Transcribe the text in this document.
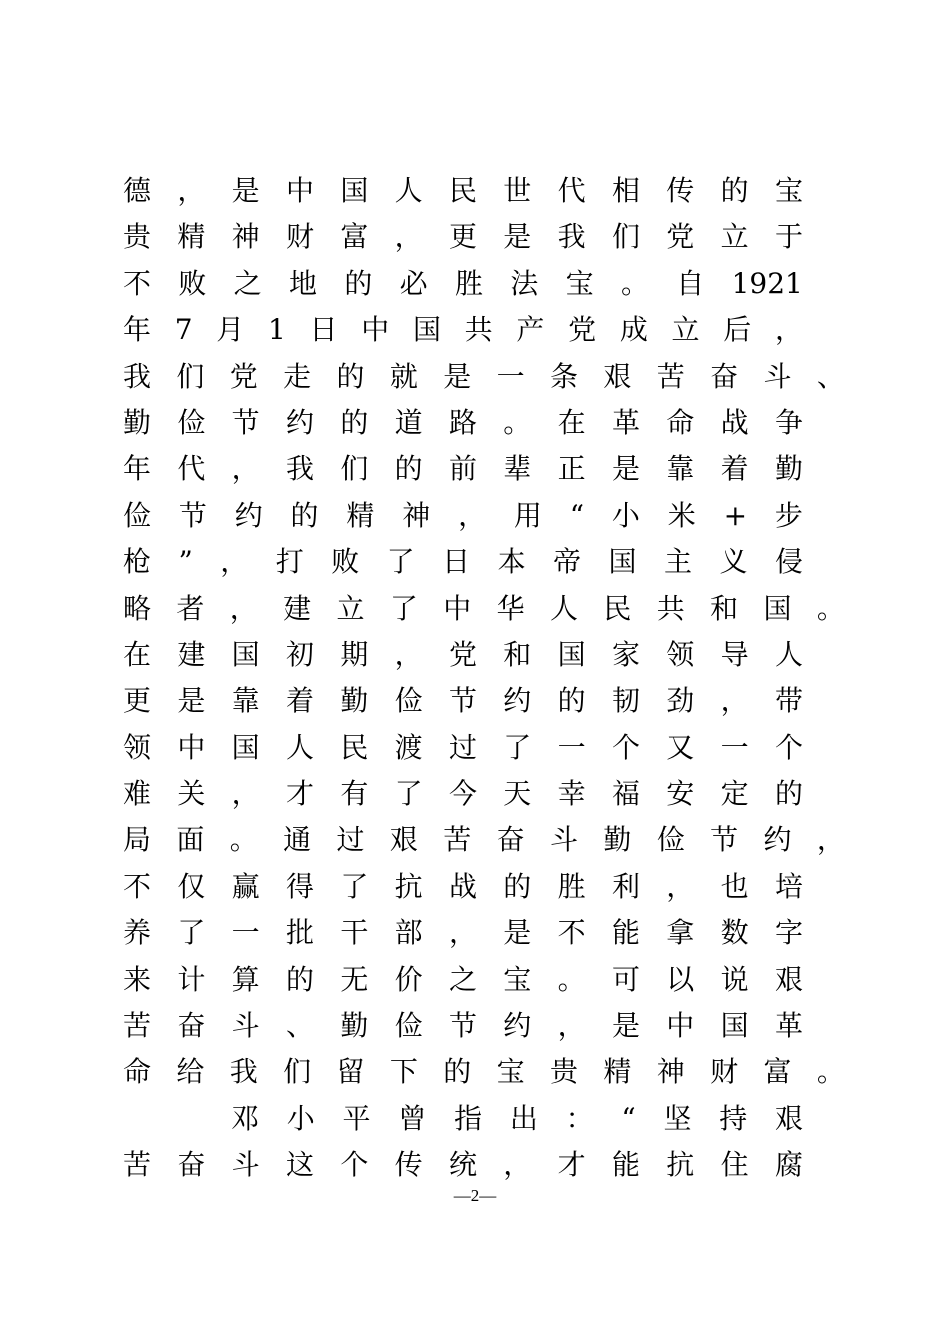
德 ， 是 中 国 人 民 世 代 相 传 的 宝
贵 精 神 财 富 ， 更 是 我 们 党 立 于
不 败 之 地 的 必 胜 法 宝 。 自 1921
年 7 月 1 日 中 国 共 产 党 成 立 后 ，
我 们 党 走 的 就 是 一 条 艰 苦 奋 斗 、
勤 俭 节 约 的 道 路 。 在 革 命 战 争
年 代 ， 我 们 的 前 辈 正 是 靠 着 勤
俭 节 约 的 精 神 ， 用 “ 小 米 + 步
枪 ” ， 打 败 了 日 本 帝 国 主 义 侵
略 者 ， 建 立 了 中 华 人 民 共 和 国 。
在 建 国 初 期 ， 党 和 国 家 领 导 人
更 是 靠 着 勤 俭 节 约 的 韧 劲 ， 带
领 中 国 人 民 渡 过 了 一 个 又 一 个
难 关 ， 才 有 了 今 天 幸 福 安 定 的
局 面 。 通 过 艰 苦 奋 斗 勤 俭 节 约 ，
不 仅 赢 得 了 抗 战 的 胜 利 ， 也 培
养 了 一 批 干 部 ， 是 不 能 拿 数 字
来 计 算 的 无 价 之 宝 。 可 以 说 艰
苦 奋 斗 、 勤 俭 节 约 ， 是 中 国 革
命 给 我 们 留 下 的 宝 贵 精 神 财 富 。
邓 小 平 曾 指 出 ： “ 坚 持 艰
苦 奋 斗 这 个 传 统 ， 才 能 抗 住 腐
—2—
